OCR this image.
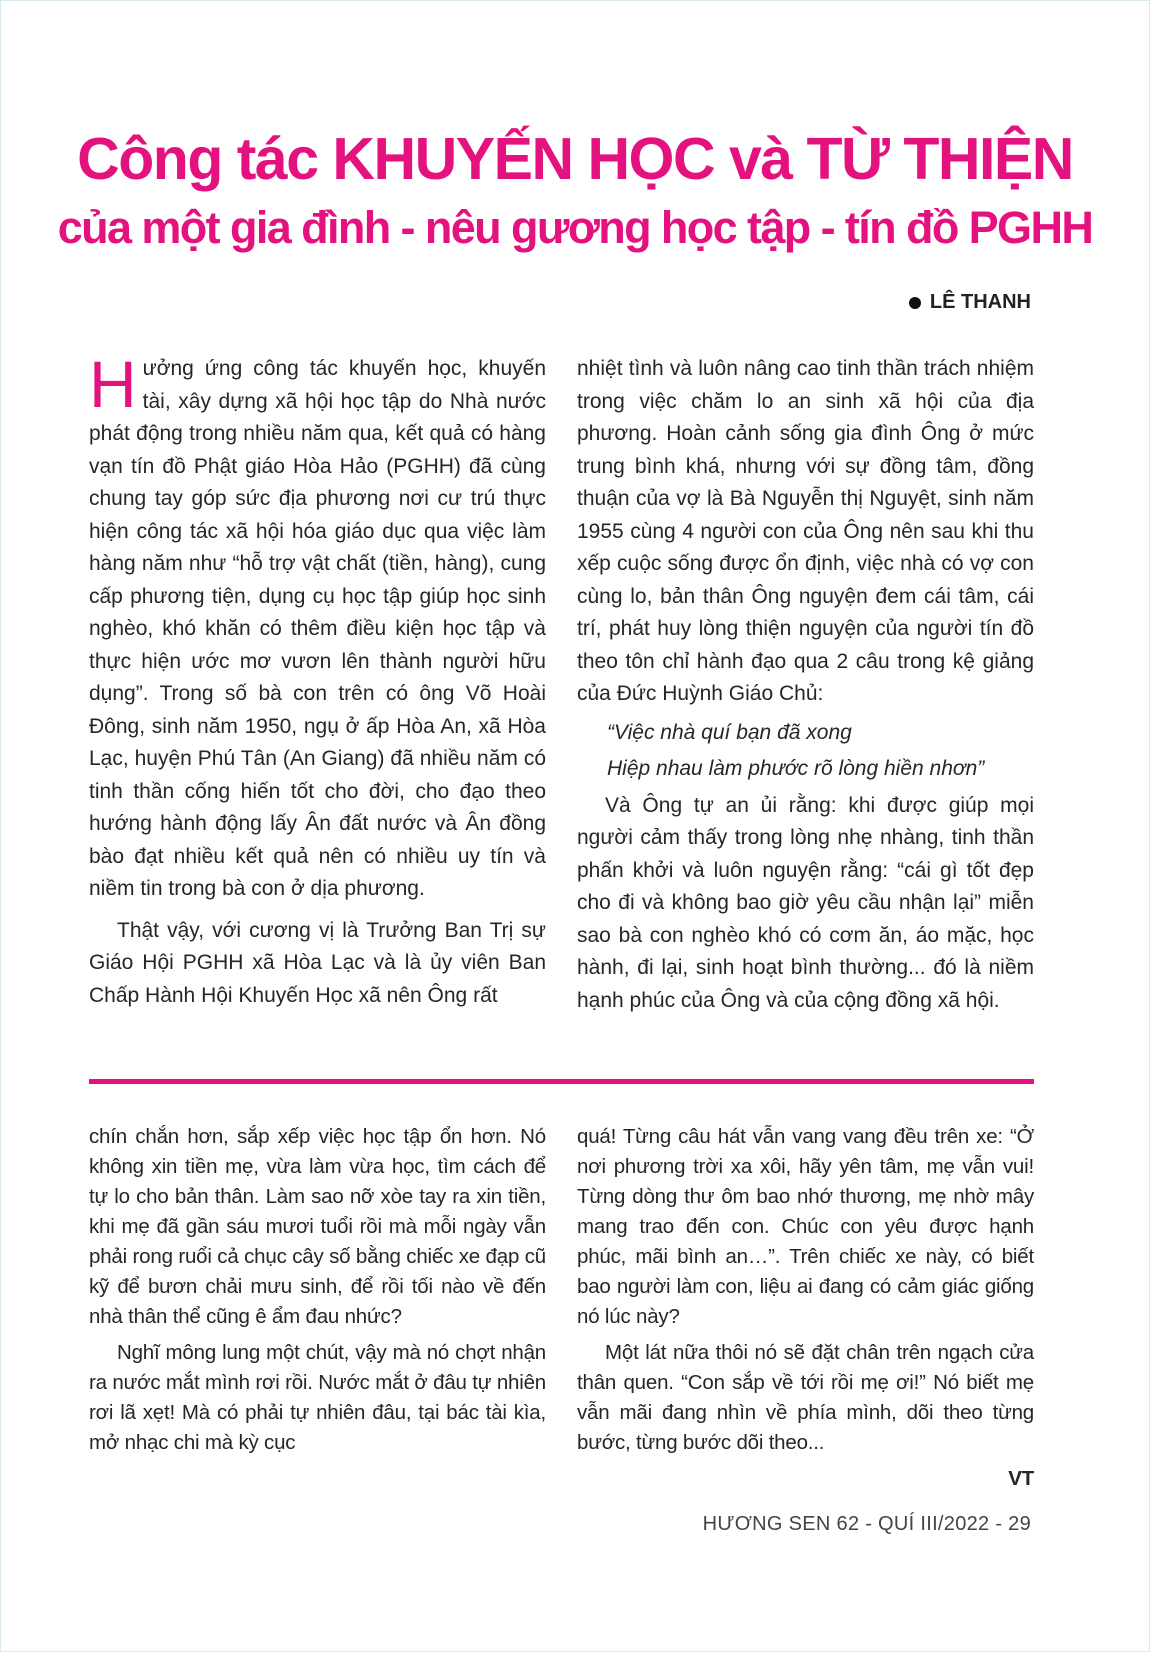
Công tác KHUYẾN HỌC và TỪ THIỆN
của một gia đình - nêu gương học tập - tín đồ PGHH
LÊ THANH

Hưởng ứng công tác khuyến học, khuyến tài, xây dựng xã hội học tập do Nhà nước phát động trong nhiều năm qua, kết quả có hàng vạn tín đồ Phật giáo Hòa Hảo (PGHH) đã cùng chung tay góp sức địa phương nơi cư trú thực hiện công tác xã hội hóa giáo dục qua việc làm hàng năm như “hỗ trợ vật chất (tiền, hàng), cung cấp phương tiện, dụng cụ học tập giúp học sinh nghèo, khó khăn có thêm điều kiện học tập và thực hiện ước mơ vươn lên thành người hữu dụng”. Trong số bà con trên có ông Võ Hoài Đông, sinh năm 1950, ngụ ở ấp Hòa An, xã Hòa Lạc, huyện Phú Tân (An Giang) đã nhiều năm có tinh thần cống hiến tốt cho đời, cho đạo theo hướng hành động lấy Ân đất nước và Ân đồng bào đạt nhiều kết quả nên có nhiều uy tín và niềm tin trong bà con ở dịa phương.

Thật vậy, với cương vị là Trưởng Ban Trị sự Giáo Hội PGHH xã Hòa Lạc và là ủy viên Ban Chấp Hành Hội Khuyến Học xã nên Ông rất

nhiệt tình và luôn nâng cao tinh thần trách nhiệm trong việc chăm lo an sinh xã hội của địa phương. Hoàn cảnh sống gia đình Ông ở mức trung bình khá, nhưng với sự đồng tâm, đồng thuận của vợ là Bà Nguyễn thị Nguyệt, sinh năm 1955 cùng 4 người con của Ông nên sau khi thu xếp cuộc sống được ổn định, việc nhà có vợ con cùng lo, bản thân Ông nguyện đem cái tâm, cái trí, phát huy lòng thiện nguyện của người tín đồ theo tôn chỉ hành đạo qua 2 câu trong kệ giảng của Đức Huỳnh Giáo Chủ:

“Việc nhà quí bạn đã xong

Hiệp nhau làm phước rõ lòng hiền nhơn”

Và Ông tự an ủi rằng: khi được giúp mọi người cảm thấy trong lòng nhẹ nhàng, tinh thần phấn khởi và luôn nguyện rằng: “cái gì tốt đẹp cho đi và không bao giờ yêu cầu nhận lại” miễn sao bà con nghèo khó có cơm ăn, áo mặc, học hành, đi lại, sinh hoạt bình thường... đó là niềm hạnh phúc của Ông và của cộng đồng xã hội.

chín chắn hơn, sắp xếp việc học tập ổn hơn. Nó không xin tiền mẹ, vừa làm vừa học, tìm cách để tự lo cho bản thân. Làm sao nỡ xòe tay ra xin tiền, khi mẹ đã gần sáu mươi tuổi rồi mà mỗi ngày vẫn phải rong ruổi cả chục cây số bằng chiếc xe đạp cũ kỹ để bươn chải mưu sinh, để rồi tối nào về đến nhà thân thể cũng ê ẩm đau nhức?

Nghĩ mông lung một chút, vậy mà nó chợt nhận ra nước mắt mình rơi rồi. Nước mắt ở đâu tự nhiên rơi lã xẹt! Mà có phải tự nhiên đâu, tại bác tài kìa, mở nhạc chi mà kỳ cục

quá! Từng câu hát vẫn vang vang đều trên xe: “Ở nơi phương trời xa xôi, hãy yên tâm, mẹ vẫn vui! Từng dòng thư ôm bao nhớ thương, mẹ nhờ mây mang trao đến con. Chúc con yêu được hạnh phúc, mãi bình an…”. Trên chiếc xe này, có biết bao người làm con, liệu ai đang có cảm giác giống nó lúc này?

Một lát nữa thôi nó sẽ đặt chân trên ngạch cửa thân quen. “Con sắp về tới rồi mẹ ơi!” Nó biết mẹ vẫn mãi đang nhìn về phía mình, dõi theo từng bước, từng bước dõi theo...

VT

HƯƠNG SEN 62 - QUÍ III/2022 - 29
